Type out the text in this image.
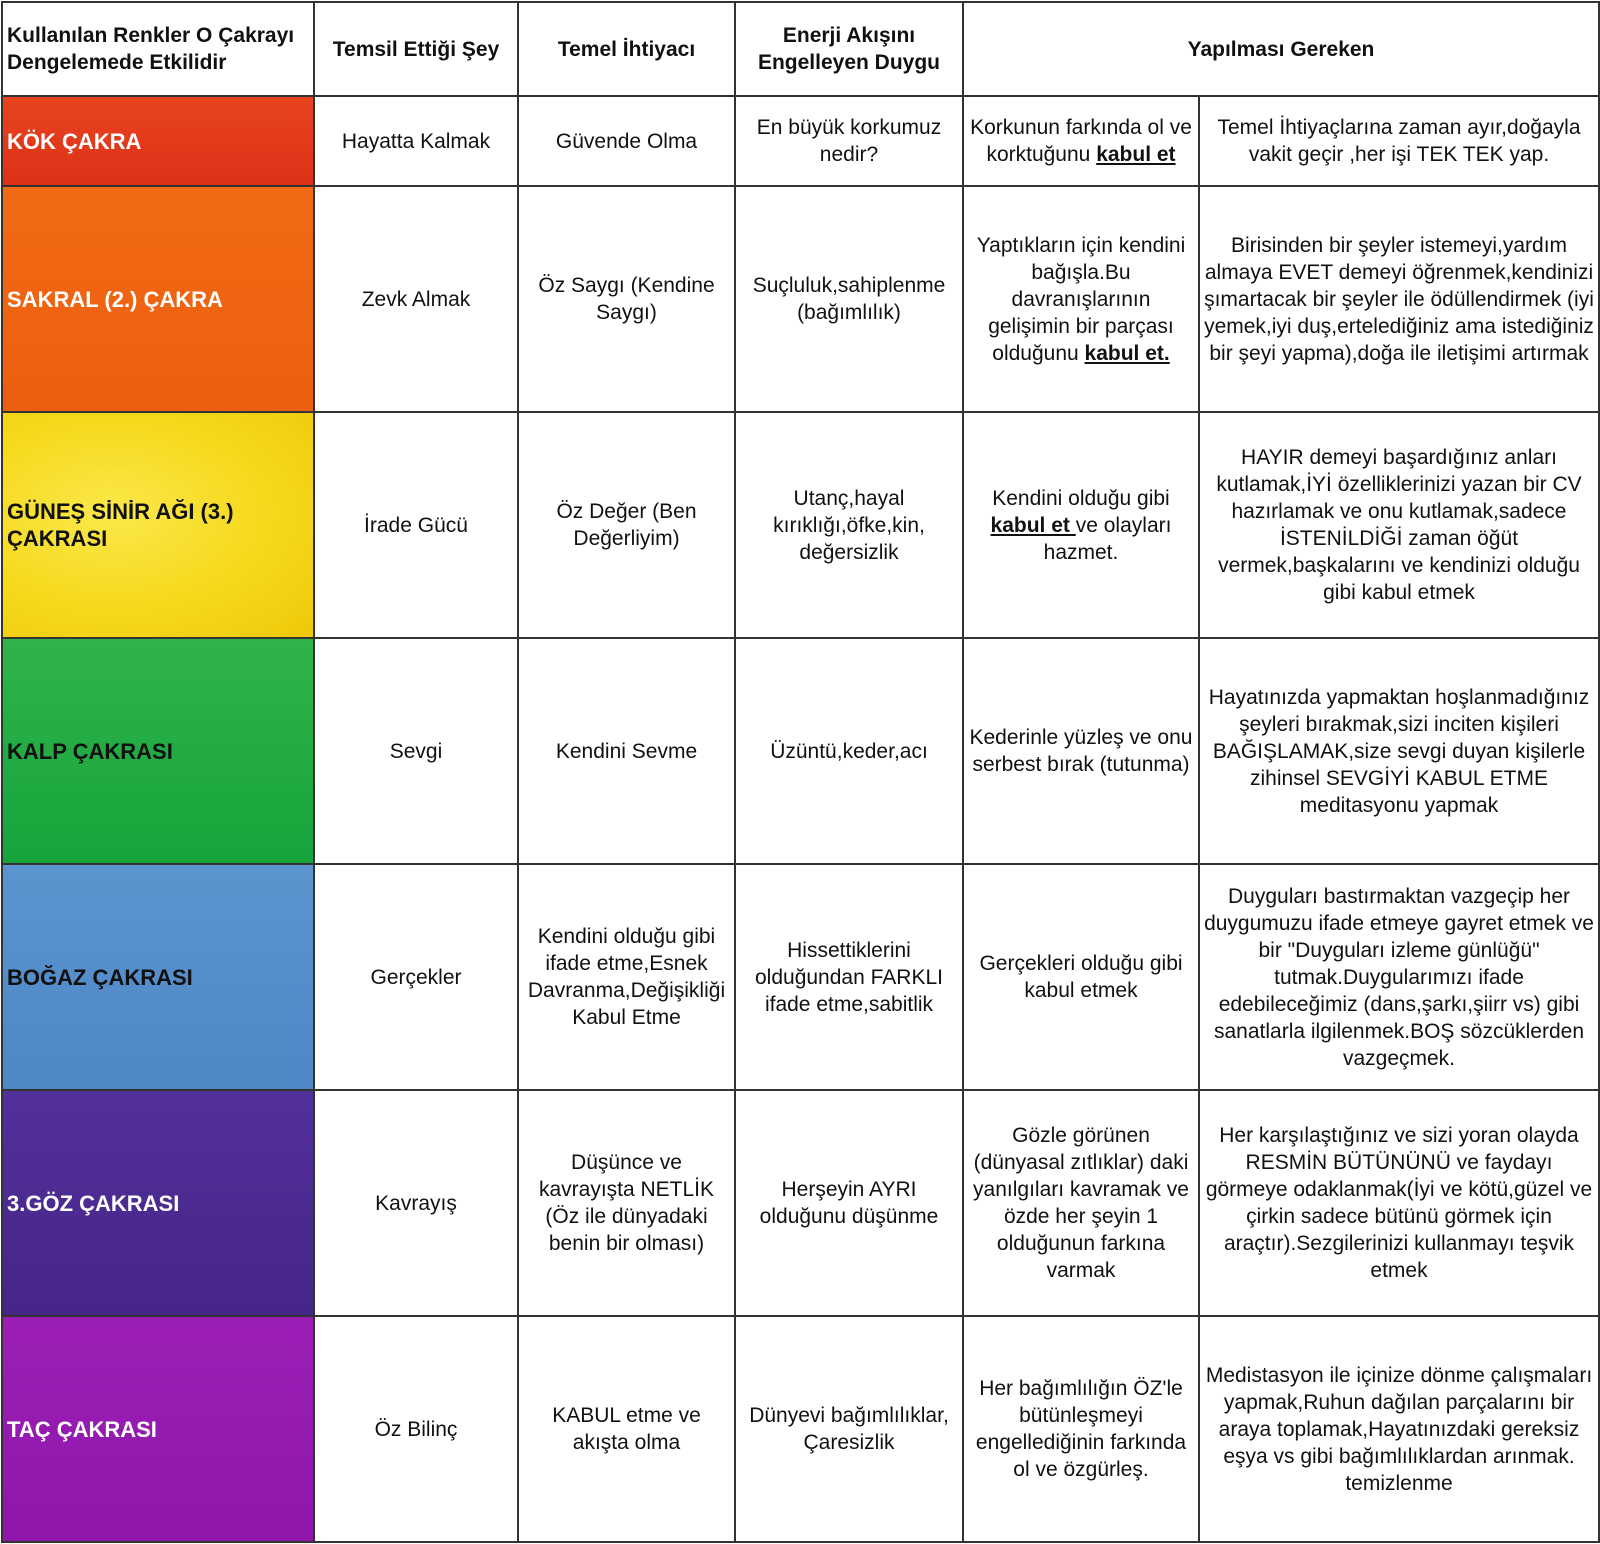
Kullanılan Renkler O Çakrayı Dengelemede Etkilidir	Temsil Ettiği Şey	Temel İhtiyacı	Enerji Akışını Engelleyen Duygu	Yapılması Gereken	
KÖK ÇAKRA	Hayatta Kalmak	Güvende Olma	En büyük korkumuz nedir?	Korkunun farkında ol ve korktuğunu kabul et	Temel İhtiyaçlarına zaman ayır,doğayla vakit geçir ,her işi TEK TEK yap.
SAKRAL (2.) ÇAKRA	Zevk Almak	Öz Saygı (Kendine Saygı)	Suçluluk,sahiplenme (bağımlılık)	Yaptıkların için kendini bağışla.Bu davranışlarının gelişimin bir parçası olduğunu kabul et.	Birisinden bir şeyler istemeyi,yardım almaya EVET demeyi öğrenmek,kendinizi şımartacak bir şeyler ile ödüllendirmek (iyi yemek,iyi duş,ertelediğiniz ama istediğiniz bir şeyi yapma),doğa ile iletişimi artırmak
GÜNEŞ SİNİR AĞI (3.) ÇAKRASI	İrade Gücü	Öz Değer (Ben Değerliyim)	Utanç,hayal kırıklığı,öfke,kin, değersizlik	Kendini olduğu gibi kabul et ve olayları hazmet.	HAYIR demeyi başardığınız anları kutlamak,İYİ özelliklerinizi yazan bir CV hazırlamak ve onu kutlamak,sadece İSTENİLDİĞİ zaman öğüt vermek,başkalarını ve kendinizi olduğu gibi kabul etmek
KALP ÇAKRASI	Sevgi	Kendini Sevme	Üzüntü,keder,acı	Kederinle yüzleş ve onu serbest bırak (tutunma)	Hayatınızda yapmaktan hoşlanmadığınız şeyleri bırakmak,sizi inciten kişileri BAĞIŞLAMAK,size sevgi duyan kişilerle zihinsel SEVGİYİ KABUL ETME meditasyonu yapmak
BOĞAZ ÇAKRASI	Gerçekler	Kendini olduğu gibi ifade etme,Esnek Davranma,Değişikliği Kabul Etme	Hissettiklerini olduğundan FARKLI ifade etme,sabitlik	Gerçekleri olduğu gibi kabul etmek	Duyguları bastırmaktan vazgeçip her duygumuzu ifade etmeye gayret etmek ve bir "Duyguları izleme günlüğü" tutmak.Duygularımızı ifade edebileceğimiz (dans,şarkı,şiirr vs) gibi sanatlarla ilgilenmek.BOŞ sözcüklerden vazgeçmek.
3.GÖZ ÇAKRASI	Kavrayış	Düşünce ve kavrayışta NETLİK (Öz ile dünyadaki benin bir olması)	Herşeyin AYRI olduğunu düşünme	Gözle görünen (dünyasal zıtlıklar) daki yanılgıları kavramak ve özde her şeyin 1 olduğunun farkına varmak	Her karşılaştığınız ve sizi yoran olayda RESMİN BÜTÜNÜNÜ ve faydayı görmeye odaklanmak(İyi ve kötü,güzel ve çirkin sadece bütünü görmek için araçtır).Sezgilerinizi kullanmayı teşvik etmek
TAÇ ÇAKRASI	Öz Bilinç	KABUL etme ve akışta olma	Dünyevi bağımlılıklar, Çaresizlik	Her bağımlılığın ÖZ'le bütünleşmeyi engellediğinin farkında ol ve özgürleş.	Medistasyon ile içinize dönme çalışmaları yapmak,Ruhun dağılan parçalarını bir araya toplamak,Hayatınızdaki gereksiz eşya vs gibi bağımlılıklardan arınmak. temizlenme
